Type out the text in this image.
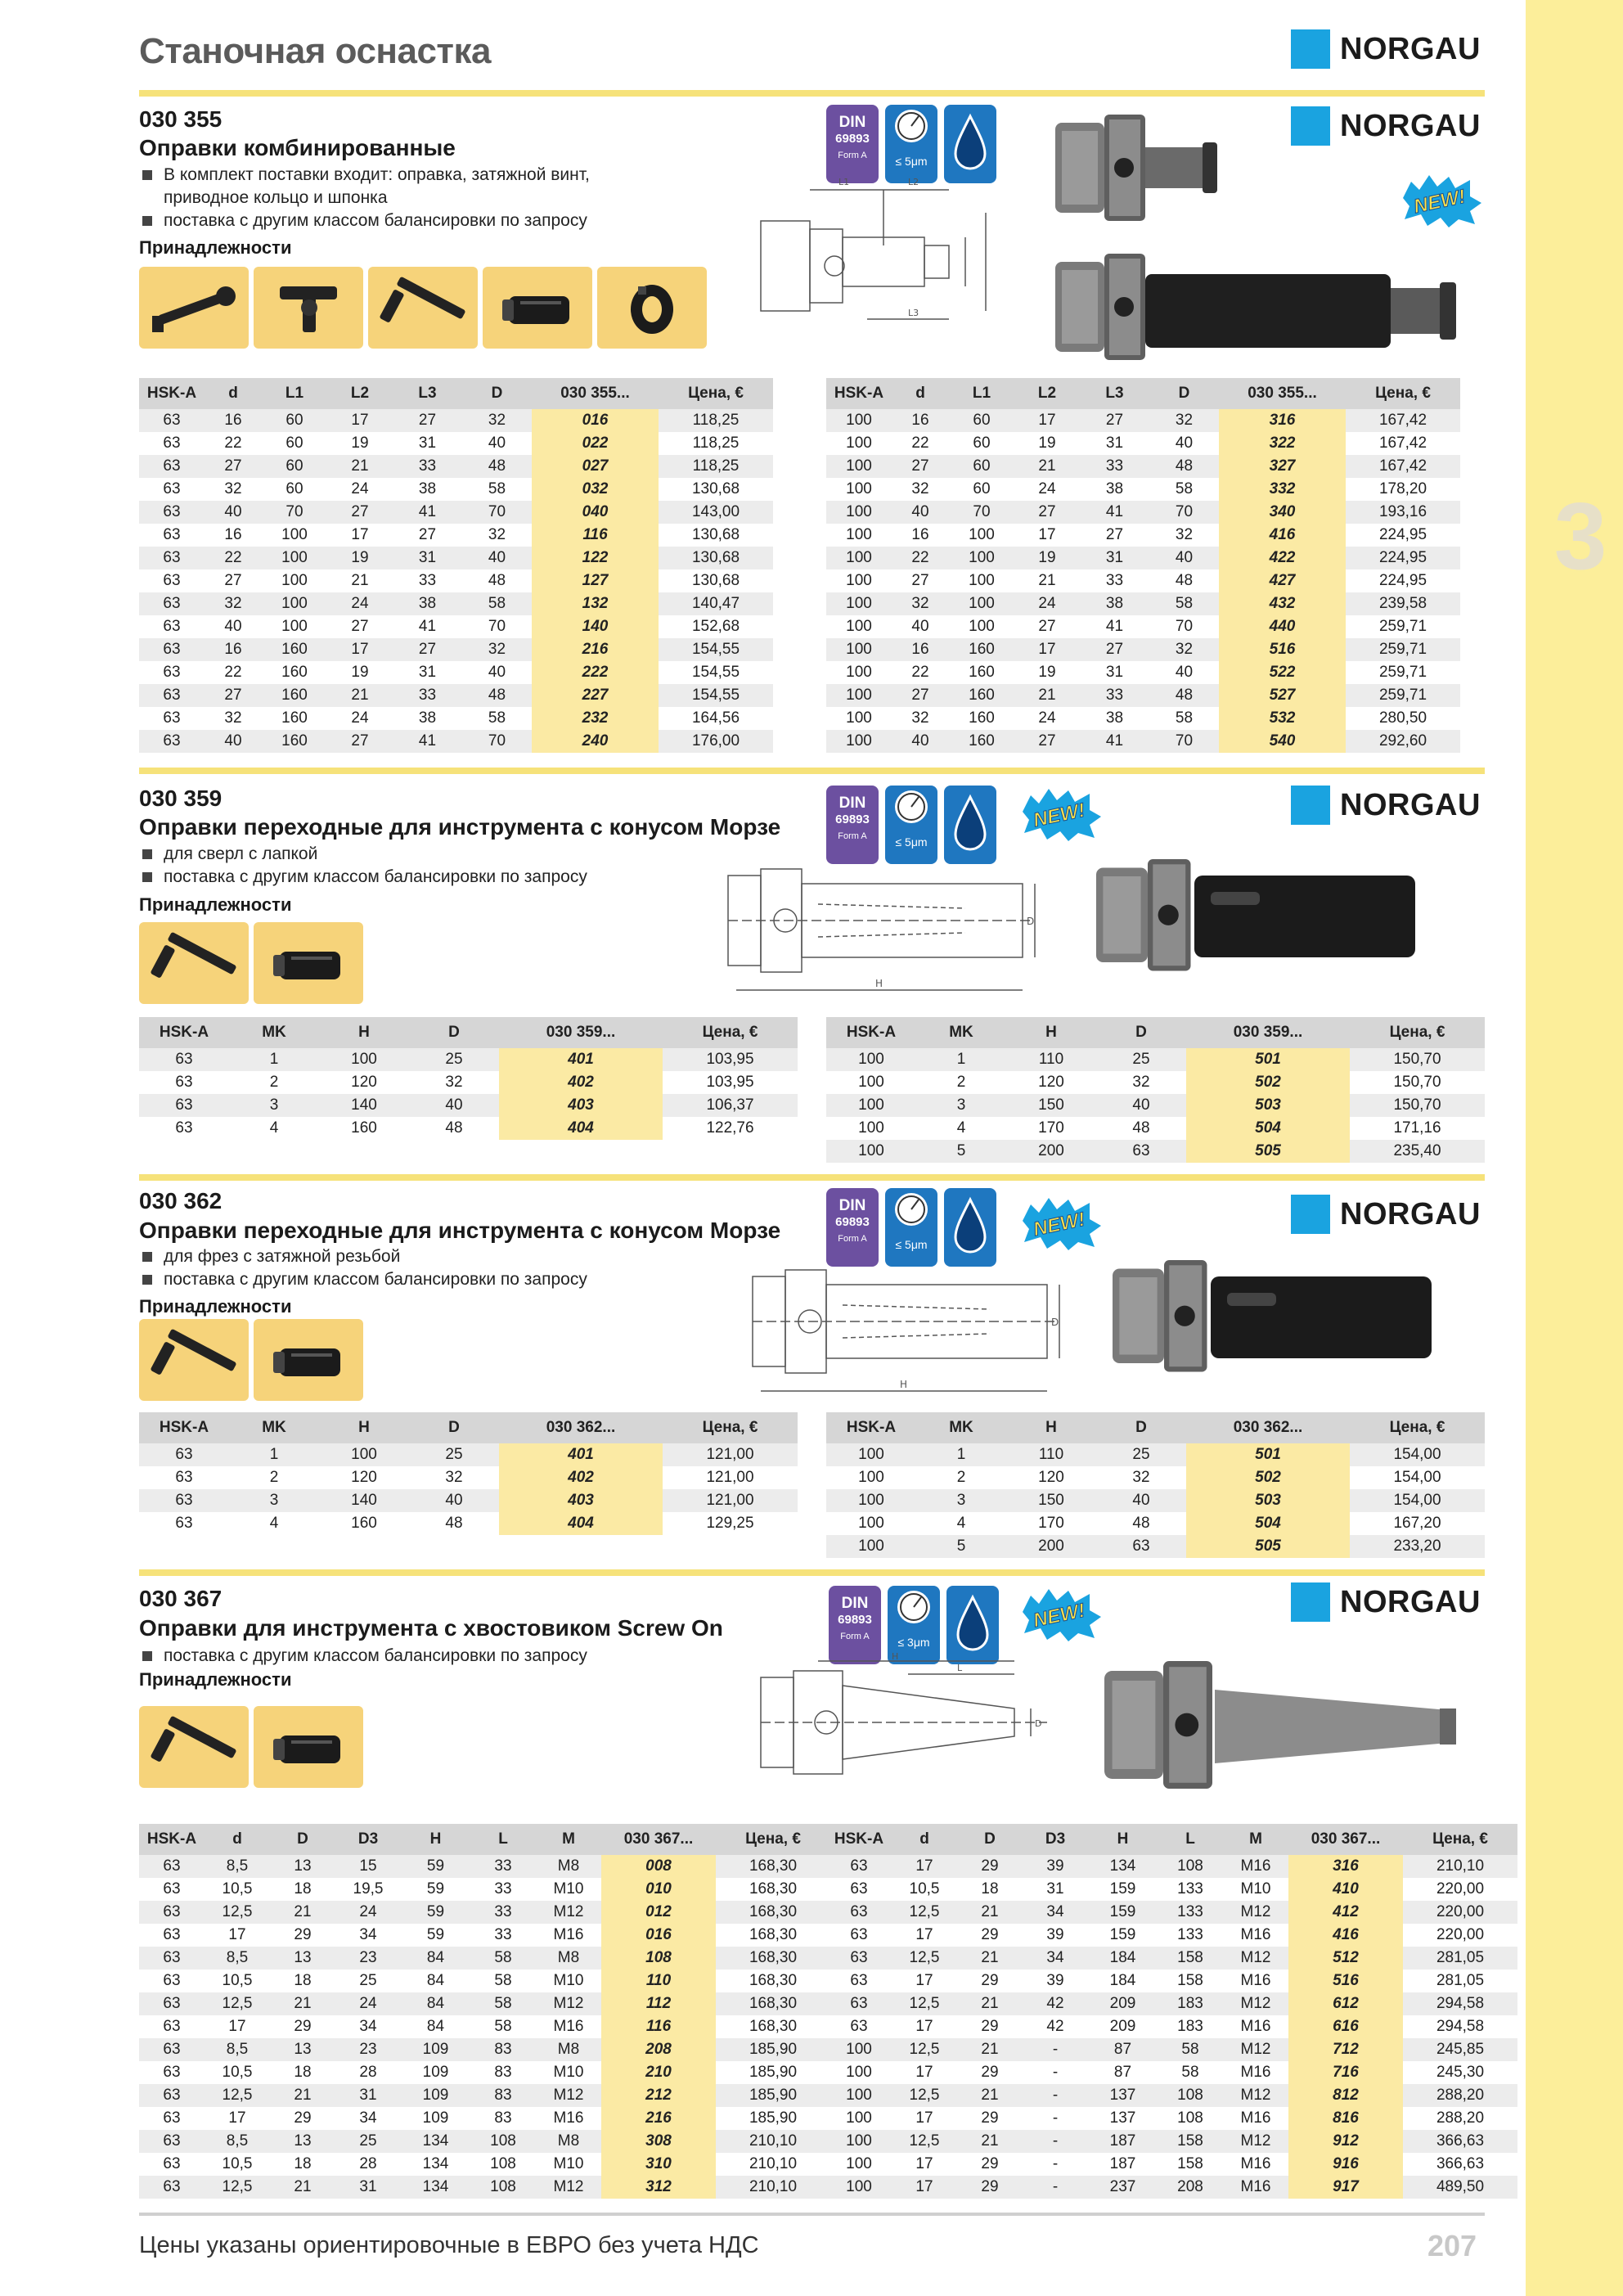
3
Станочная оснастка	NORGAU
030 355
Оправки комбинированные
В комплект поставки входит: оправка, затяжной винт,
приводное кольцо и шпонка
поставка с другим классом балансировки по запросу
Принадлежности
DIN
69893
Form A	≤ 5μm
NORGAU
NEW!
L1	L2
L3
HSK-A	d	L1	L2	L3	D	030 355...	Цена, €
63	16	60	17	27	32	016	118,25
63	22	60	19	31	40	022	118,25
63	27	60	21	33	48	027	118,25
63	32	60	24	38	58	032	130,68
63	40	70	27	41	70	040	143,00
63	16	100	17	27	32	116	130,68
63	22	100	19	31	40	122	130,68
63	27	100	21	33	48	127	130,68
63	32	100	24	38	58	132	140,47
63	40	100	27	41	70	140	152,68
63	16	160	17	27	32	216	154,55
63	22	160	19	31	40	222	154,55
63	27	160	21	33	48	227	154,55
63	32	160	24	38	58	232	164,56
63	40	160	27	41	70	240	176,00
HSK-A	d	L1	L2	L3	D	030 355...	Цена, €
100	16	60	17	27	32	316	167,42
100	22	60	19	31	40	322	167,42
100	27	60	21	33	48	327	167,42
100	32	60	24	38	58	332	178,20
100	40	70	27	41	70	340	193,16
100	16	100	17	27	32	416	224,95
100	22	100	19	31	40	422	224,95
100	27	100	21	33	48	427	224,95
100	32	100	24	38	58	432	239,58
100	40	100	27	41	70	440	259,71
100	16	160	17	27	32	516	259,71
100	22	160	19	31	40	522	259,71
100	27	160	21	33	48	527	259,71
100	32	160	24	38	58	532	280,50
100	40	160	27	41	70	540	292,60
030 359
Оправки переходные для инструмента с конусом Морзе
для сверл с лапкой
поставка с другим классом балансировки по запросу
Принадлежности
DIN
69893
Form A	≤ 5μm
NORGAU
NEW!
H
D
HSK-A	MK	H	D	030 359...	Цена, €
63	1	100	25	401	103,95
63	2	120	32	402	103,95
63	3	140	40	403	106,37
63	4	160	48	404	122,76
HSK-A	MK	H	D	030 359...	Цена, €
100	1	110	25	501	150,70
100	2	120	32	502	150,70
100	3	150	40	503	150,70
100	4	170	48	504	171,16
100	5	200	63	505	235,40
030 362
Оправки переходные для инструмента с конусом Морзе
для фрез с затяжной резьбой
поставка с другим классом балансировки по запросу
Принадлежности
DIN
69893
Form A	≤ 5μm
NORGAU
NEW!
H
D
HSK-A	MK	H	D	030 362...	Цена, €
63	1	100	25	401	121,00
63	2	120	32	402	121,00
63	3	140	40	403	121,00
63	4	160	48	404	129,25
HSK-A	MK	H	D	030 362...	Цена, €
100	1	110	25	501	154,00
100	2	120	32	502	154,00
100	3	150	40	503	154,00
100	4	170	48	504	167,20
100	5	200	63	505	233,20
030 367
Оправки для инструмента с хвостовиком Screw On
поставка с другим классом балансировки по запросу
Принадлежности
DIN
69893
Form A	≤ 3μm
NORGAU
NEW!
H
L
D
HSK-A	d	D	D3	H	L	M	030 367...	Цена, €
63	8,5	13	15	59	33	M8	008	168,30
63	10,5	18	19,5	59	33	M10	010	168,30
63	12,5	21	24	59	33	M12	012	168,30
63	17	29	34	59	33	M16	016	168,30
63	8,5	13	23	84	58	M8	108	168,30
63	10,5	18	25	84	58	M10	110	168,30
63	12,5	21	24	84	58	M12	112	168,30
63	17	29	34	84	58	M16	116	168,30
63	8,5	13	23	109	83	M8	208	185,90
63	10,5	18	28	109	83	M10	210	185,90
63	12,5	21	31	109	83	M12	212	185,90
63	17	29	34	109	83	M16	216	185,90
63	8,5	13	25	134	108	M8	308	210,10
63	10,5	18	28	134	108	M10	310	210,10
63	12,5	21	31	134	108	M12	312	210,10
HSK-A	d	D	D3	H	L	M	030 367...	Цена, €
63	17	29	39	134	108	M16	316	210,10
63	10,5	18	31	159	133	M10	410	220,00
63	12,5	21	34	159	133	M12	412	220,00
63	17	29	39	159	133	M16	416	220,00
63	12,5	21	34	184	158	M12	512	281,05
63	17	29	39	184	158	M16	516	281,05
63	12,5	21	42	209	183	M12	612	294,58
63	17	29	42	209	183	M16	616	294,58
100	12,5	21	-	87	58	M12	712	245,85
100	17	29	-	87	58	M16	716	245,30
100	12,5	21	-	137	108	M12	812	288,20
100	17	29	-	137	108	M16	816	288,20
100	12,5	21	-	187	158	M12	912	366,63
100	17	29	-	187	158	M16	916	366,63
100	17	29	-	237	208	M16	917	489,50
Цены указаны ориентировочные в ЕВРО без учета НДС	207
